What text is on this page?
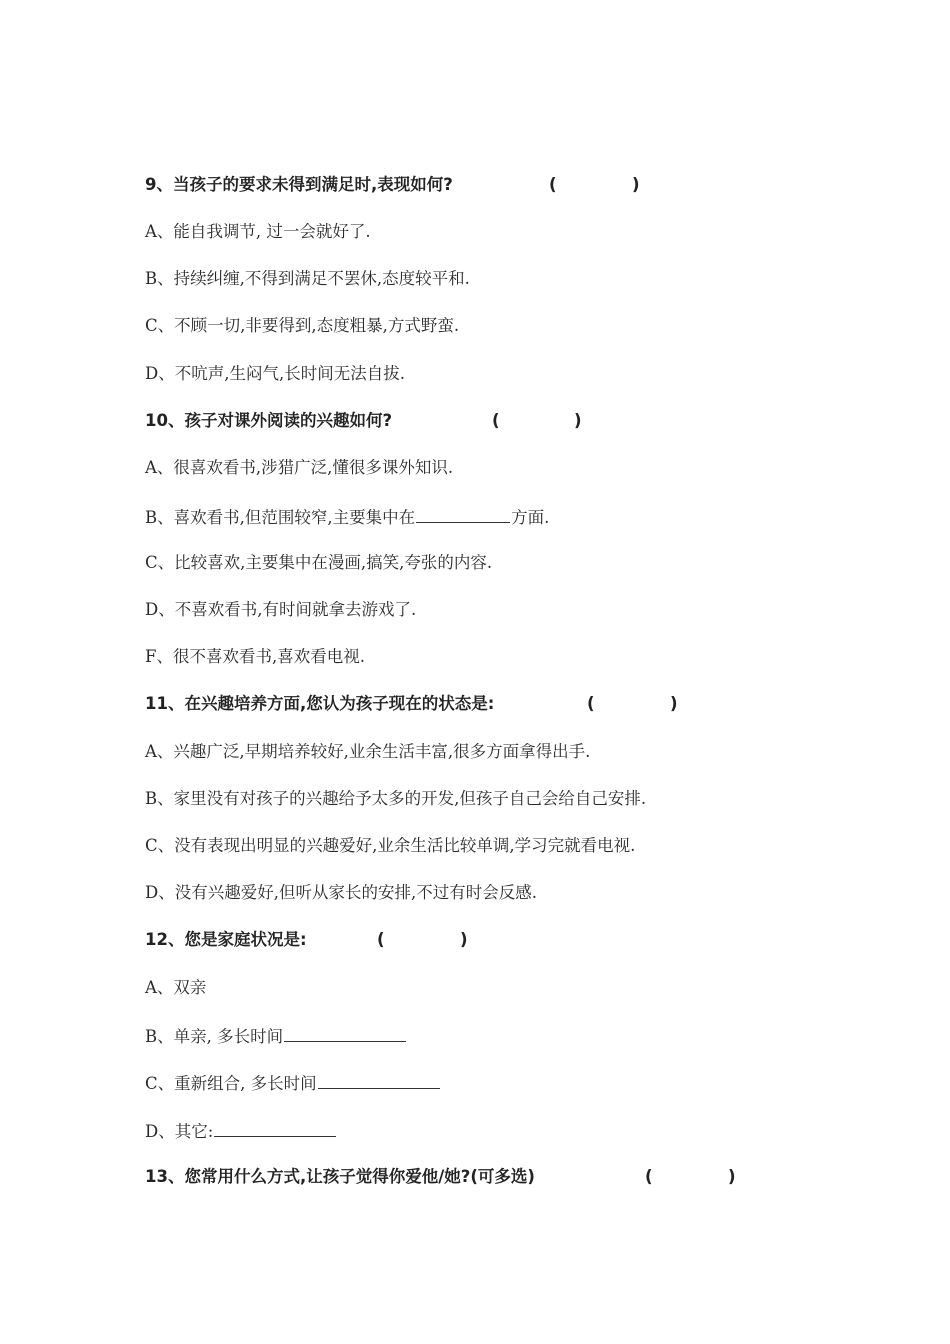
9、当孩子的要求未得到满足时,表现如何?	(	)
A、能自我调节, 过一会就好了.
B、持续纠缠,不得到满足不罢休,态度较平和.
C、不顾一切,非要得到,态度粗暴,方式野蛮.
D、不吭声,生闷气,长时间无法自拔.
10、孩子对课外阅读的兴趣如何?	(	)
A、很喜欢看书,涉猎广泛,懂很多课外知识.
B、喜欢看书,但范围较窄,主要集中在	方面.
C、比较喜欢,主要集中在漫画,搞笑,夸张的内容.
D、不喜欢看书,有时间就拿去游戏了.
F、很不喜欢看书,喜欢看电视.
11、在兴趣培养方面,您认为孩子现在的状态是:	(	)
A、兴趣广泛,早期培养较好,业余生活丰富,很多方面拿得出手.
B、家里没有对孩子的兴趣给予太多的开发,但孩子自己会给自己安排.
C、没有表现出明显的兴趣爱好,业余生活比较单调,学习完就看电视.
D、没有兴趣爱好,但听从家长的安排,不过有时会反感.
12、您是家庭状况是:	(	)
A、双亲
B、单亲, 多长时间
C、重新组合, 多长时间
D、其它:
13、您常用什么方式,让孩子觉得你爱他/她?(可多选)	(	)
